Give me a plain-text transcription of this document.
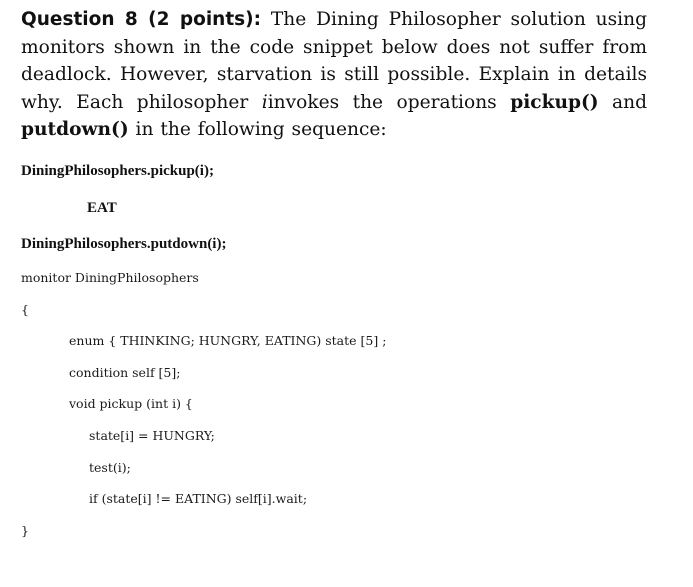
Question 8 (2 points): The Dining Philosopher solution using monitors shown in the code snippet below does not suffer from deadlock. However, starvation is still possible. Explain in details why. Each philosopher iinvokes the operations pickup() and putdown() in the following sequence:
DiningPhilosophers.pickup(i);
EAT
DiningPhilosophers.putdown(i);
monitor DiningPhilosophers
{
enum { THINKING; HUNGRY, EATING) state [5] ;
condition self [5];
void pickup (int i) {
state[i] = HUNGRY;
test(i);
if (state[i] != EATING) self[i].wait;
}
